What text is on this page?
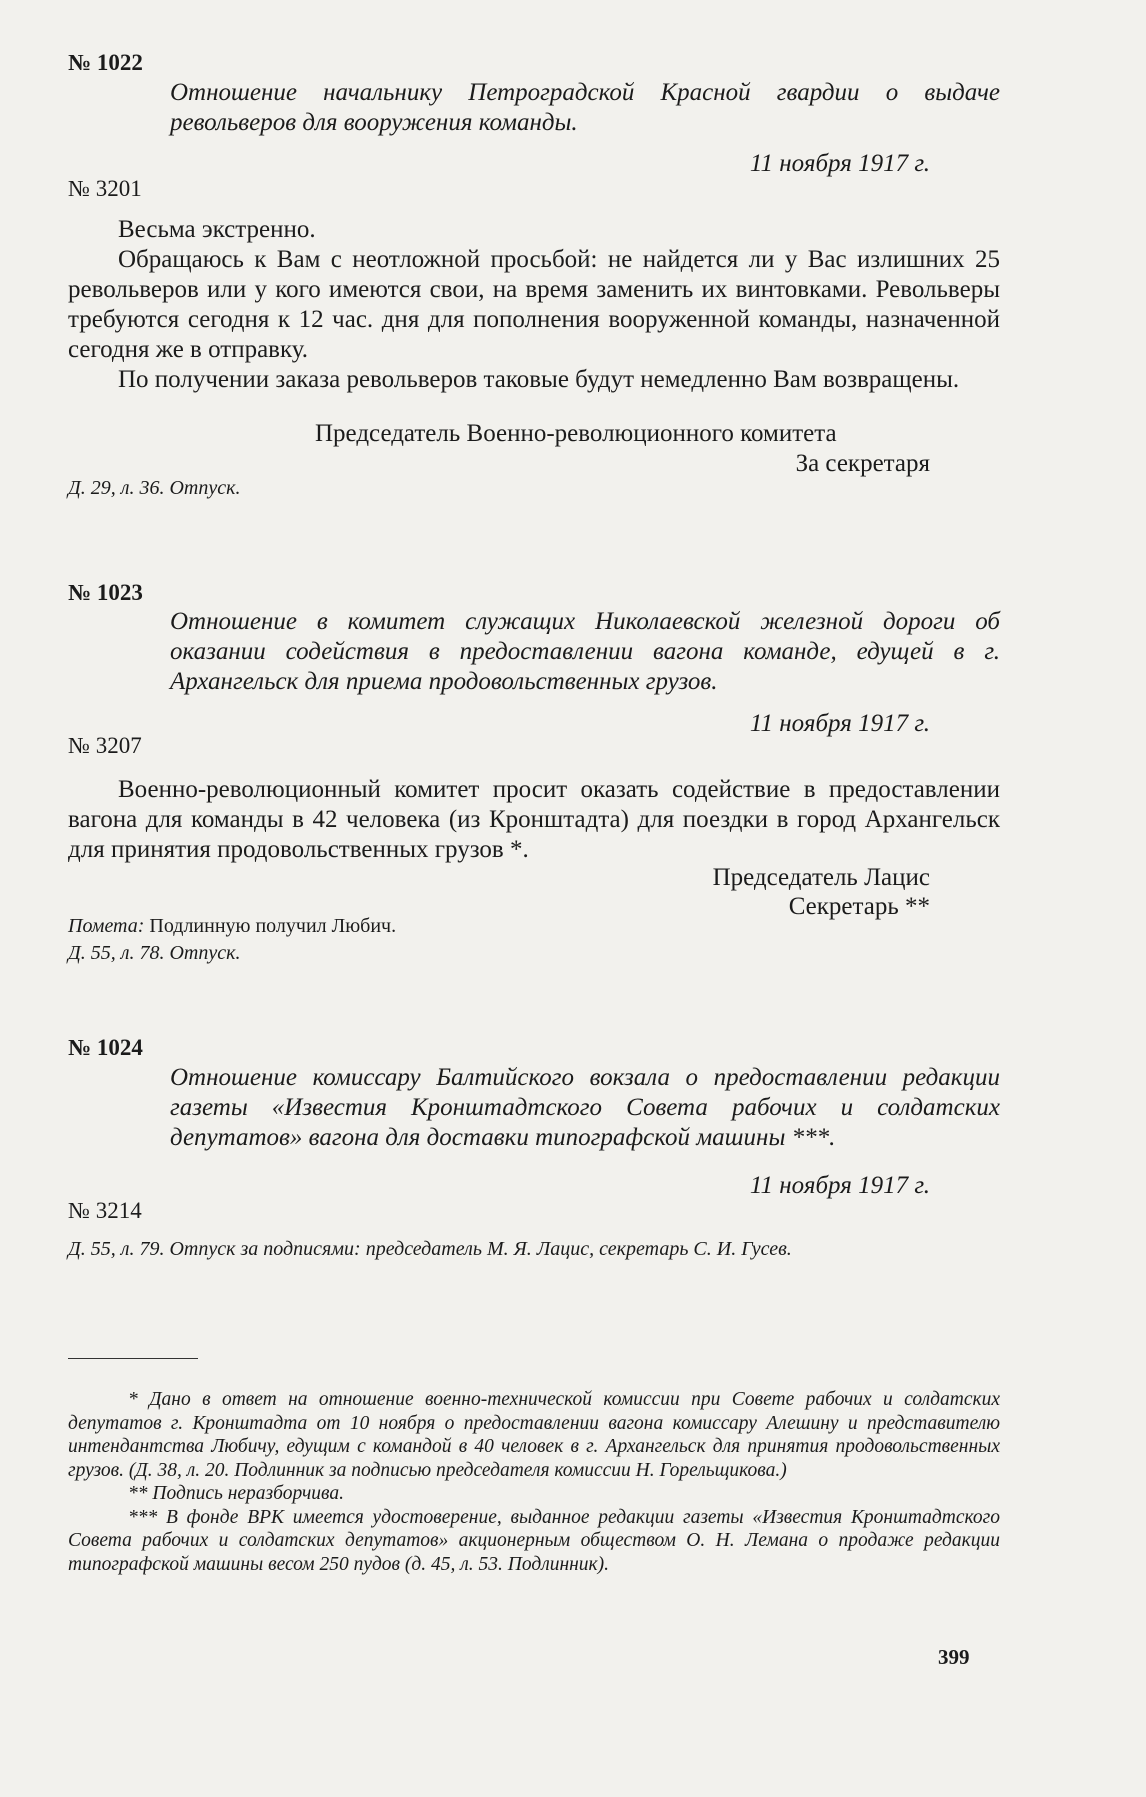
№ 1022
Отношение начальнику Петроградской Красной гвардии о выдаче револьверов для вооружения команды.
11 ноября 1917 г.
№ 3201

Весьма экстренно.

Обращаюсь к Вам с неотложной просьбой: не найдется ли у Вас излишних 25 револьверов или у кого имеются свои, на время заменить их винтовками. Револьверы требуются сегодня к 12 час. дня для пополнения вооруженной команды, назначенной сегодня же в отправку.

По получении заказа револьверов таковые будут немедленно Вам возвращены.

Председатель Военно-революционного комитета
За секретаря
Д. 29, л. 36. Отпуск.
№ 1023
Отношение в комитет служащих Николаевской железной дороги об оказании содействия в предоставлении вагона команде, едущей в г. Архангельск для приема продовольственных грузов.
11 ноября 1917 г.
№ 3207

Военно-революционный комитет просит оказать содействие в предоставлении вагона для команды в 42 человека (из Кронштадта) для поездки в город Архангельск для принятия продовольственных грузов *.

Председатель Лацис
Секретарь **
Помета: Подлинную получил Любич.
Д. 55, л. 78. Отпуск.
№ 1024
Отношение комиссару Балтийского вокзала о предоставлении редакции газеты «Известия Кронштадтского Совета рабочих и солдатских депутатов» вагона для доставки типографской машины ***.
11 ноября 1917 г.
№ 3214
Д. 55, л. 79. Отпуск за подписями: председатель М. Я. Лацис, секретарь С. И. Гусев.

* Дано в ответ на отношение военно-технической комиссии при Совете рабочих и солдатских депутатов г. Кронштадта от 10 ноября о предоставлении вагона комиссару Алешину и представителю интендантства Любичу, едущим с командой в 40 человек в г. Архангельск для принятия продовольственных грузов. (Д. 38, л. 20. Подлинник за подписью председателя комиссии Н. Горельщикова.)

** Подпись неразборчива.

*** В фонде ВРК имеется удостоверение, выданное редакции газеты «Известия Кронштадтского Совета рабочих и солдатских депутатов» акционерным обществом О. Н. Лемана о продаже редакции типографской машины весом 250 пудов (д. 45, л. 53. Подлинник).

399
